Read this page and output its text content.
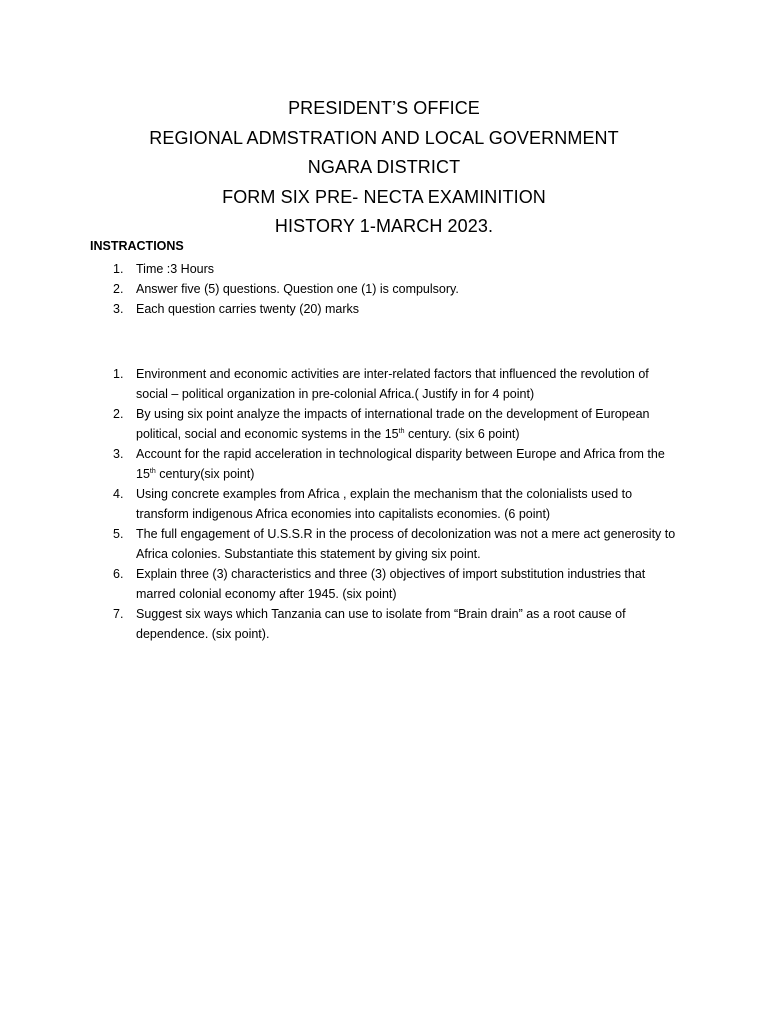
PRESIDENT’S OFFICE
REGIONAL ADMSTRATION AND LOCAL GOVERNMENT
NGARA DISTRICT
FORM SIX PRE- NECTA EXAMINITION
HISTORY 1-MARCH 2023.
INSTRACTIONS
1. Time :3 Hours
2. Answer five (5) questions. Question one (1) is compulsory.
3. Each question carries twenty (20) marks
1. Environment and economic activities are inter-related factors that influenced the revolution of social – political organization in pre-colonial Africa.( Justify in for 4 point)
2. By using six point analyze the impacts of international trade on the development of European political, social and economic systems in the 15th century. (six 6 point)
3. Account for the rapid acceleration in technological disparity between Europe and Africa from the 15th century(six point)
4. Using concrete examples from Africa , explain the mechanism that the colonialists used to transform indigenous Africa economies into capitalists economies. (6 point)
5. The full engagement of U.S.S.R in the process of decolonization was not a mere act generosity to Africa colonies. Substantiate this statement by giving six point.
6. Explain three (3) characteristics and three (3) objectives of import substitution industries that marred colonial economy after 1945. (six point)
7. Suggest six ways which Tanzania can use to isolate from “Brain drain” as a root cause of dependence. (six point).
